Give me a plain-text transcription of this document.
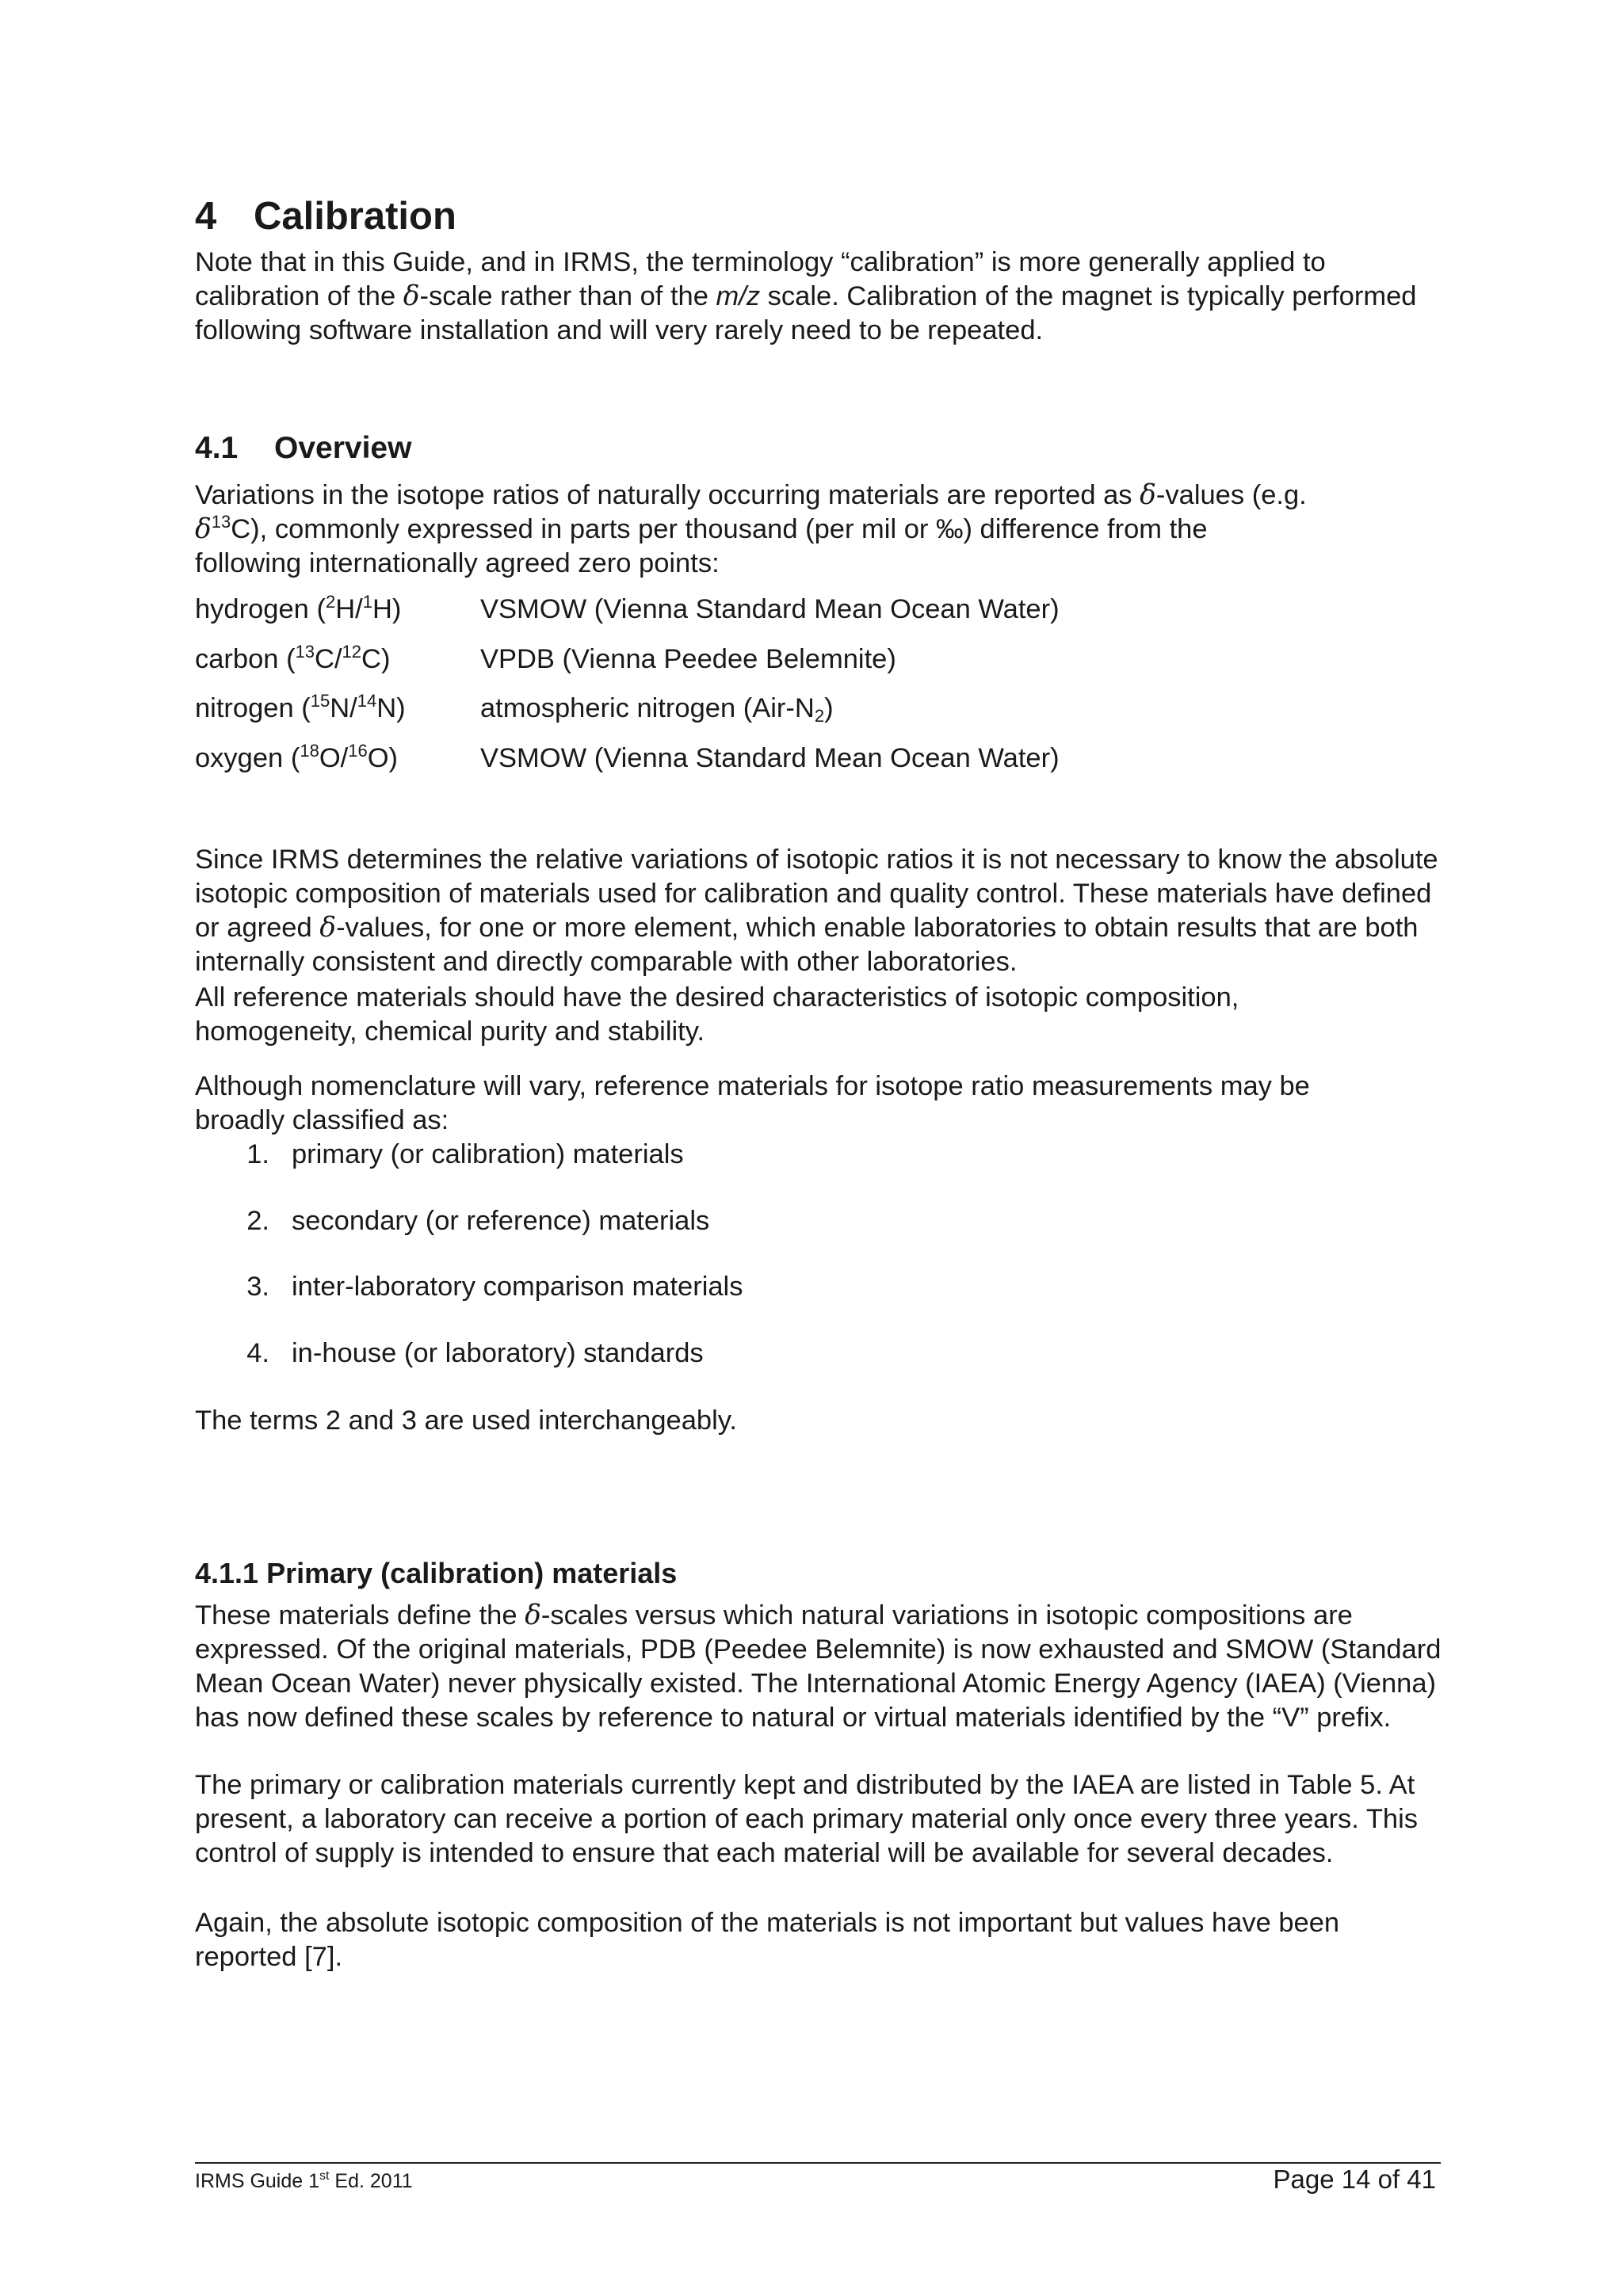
4 Calibration

Note that in this Guide, and in IRMS, the terminology “calibration” is more generally applied to calibration of the δ-scale rather than of the m/z scale. Calibration of the magnet is typically performed following software installation and will very rarely need to be repeated.

4.1 Overview

Variations in the isotope ratios of naturally occurring materials are reported as δ-values (e.g. $\delta^{13}C$), commonly expressed in parts per thousand (per mil or ‰) difference from the following internationally agreed zero points:

hydrogen ($^2$H/$^1$H)	VSMOW (Vienna Standard Mean Ocean Water)
carbon ($^{13}$C/$^{12}$C)	VPDB (Vienna Peedee Belemnite)
nitrogen ($^{15}$N/$^{14}$N)	atmospheric nitrogen $(Air-N_2)$
oxygen ($^{18}$O/$^{16}$O)	VSMOW (Vienna Standard Mean Ocean Water)

Since IRMS determines the relative variations of isotopic ratios it is not necessary to know the absolute isotopic composition of materials used for calibration and quality control. These materials have defined or agreed δ-values, for one or more element, which enable laboratories to obtain results that are both internally consistent and directly comparable with other laboratories.

All reference materials should have the desired characteristics of isotopic composition, homogeneity, chemical purity and stability.

Although nomenclature will vary, reference materials for isotope ratio measurements may be broadly classified as:

1. primary (or calibration) materials
2. secondary (or reference) materials
3. inter-laboratory comparison materials
4. in-house (or laboratory) standards

The terms 2 and 3 are used interchangeably.

4.1.1 Primary (calibration) materials

These materials define the δ-scales versus which natural variations in isotopic compositions are expressed. Of the original materials, PDB (Peedee Belemnite) is now exhausted and SMOW (Standard Mean Ocean Water) never physically existed. The International Atomic Energy Agency (IAEA) (Vienna) has now defined these scales by reference to natural or virtual materials identified by the “V” prefix.

The primary or calibration materials currently kept and distributed by the IAEA are listed in Table 5. At present, a laboratory can receive a portion of each primary material only once every three years. This control of supply is intended to ensure that each material will be available for several decades.

Again, the absolute isotopic composition of the materials is not important but values have been reported [7].

IRMS Guide 1st Ed. 2011	Page 14 of 41
